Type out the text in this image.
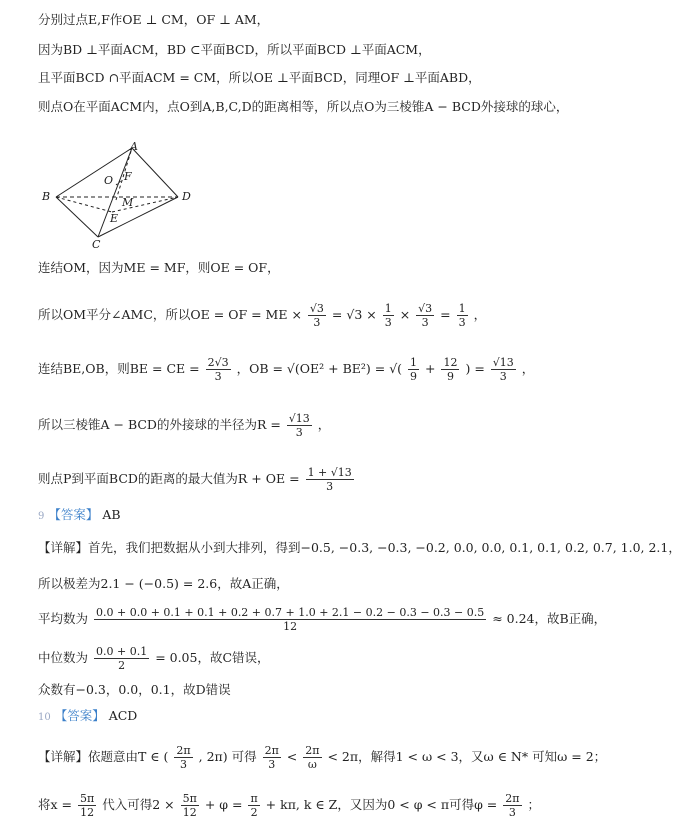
分别过点E,F作OE ⊥ CM，OF ⊥ AM，
因为BD ⊥平面ACM，BD ⊂平面BCD，所以平面BCD ⊥平面ACM，
且平面BCD ∩平面ACM = CM，所以OE ⊥平面BCD，同理OF ⊥平面ABD，
则点O在平面ACM内，点O到A,B,C,D的距离相等，所以点O为三棱锥A − BCD外接球的球心，
A
B
C
D
O F
M
E
连结OM，因为ME = MF，则OE = OF，
所以OM平分∠AMC，所以OE = OF = ME × $\frac{√3}{3} = √3 \times \frac{1}{3} \times \frac{√3}{3} = \frac{1}{3}$ ，
连结BE,OB，则BE = CE = $\frac{2√3}{3}$ ，OB = √(OE² + BE²) = √( $\frac{1}{9} + \frac{12}{9}$ ) = $\frac{√13}{3}$ ，
所以三棱锥A − BCD的外接球的半径为$R = \frac{√13}{3}$ ，
则点P到平面BCD的距离的最大值为R + OE = $\frac{1 + √13}{3}$
9 【答案】 AB
【详解】首先，我们把数据从小到大排列，得到−0.5, −0.3, −0.3, −0.2, 0.0, 0.0, 0.1, 0.1, 0.2, 0.7, 1.0, 2.1，
所以极差为2.1 − (−0.5) = 2.6，故A正确，
平均数为 0.0 + 0.0 + 0.1 + 0.1 + 0.2 + 0.7 + 1.0 + 2.1 − 0.2 − 0.3 − 0.3 − 0.5
12
≈ 0.24，故B正确，
中位数为 $\frac{0.0 + 0.1}{2} = 0.05$，故C错误，
众数有−0.3，0.0，0.1，故D错误
10 【答案】 ACD
【详解】依题意由T ∈ ( $\frac{2\pi}{3}$ , 2π) 可得 $\frac{2\pi}{3} < \frac{2\pi}{\omega} < 2\pi$，解得1 < ω < 3，又ω ∈ N* 可知ω = 2；
将$x = \frac{5\pi}{12}$ 代入可得$2 \times \frac{5\pi}{12} + \varphi = \frac{\pi}{2} + k\pi$, k ∈ Z，又因为0 < φ < π可得$\varphi = \frac{2\pi}{3}$ ；
